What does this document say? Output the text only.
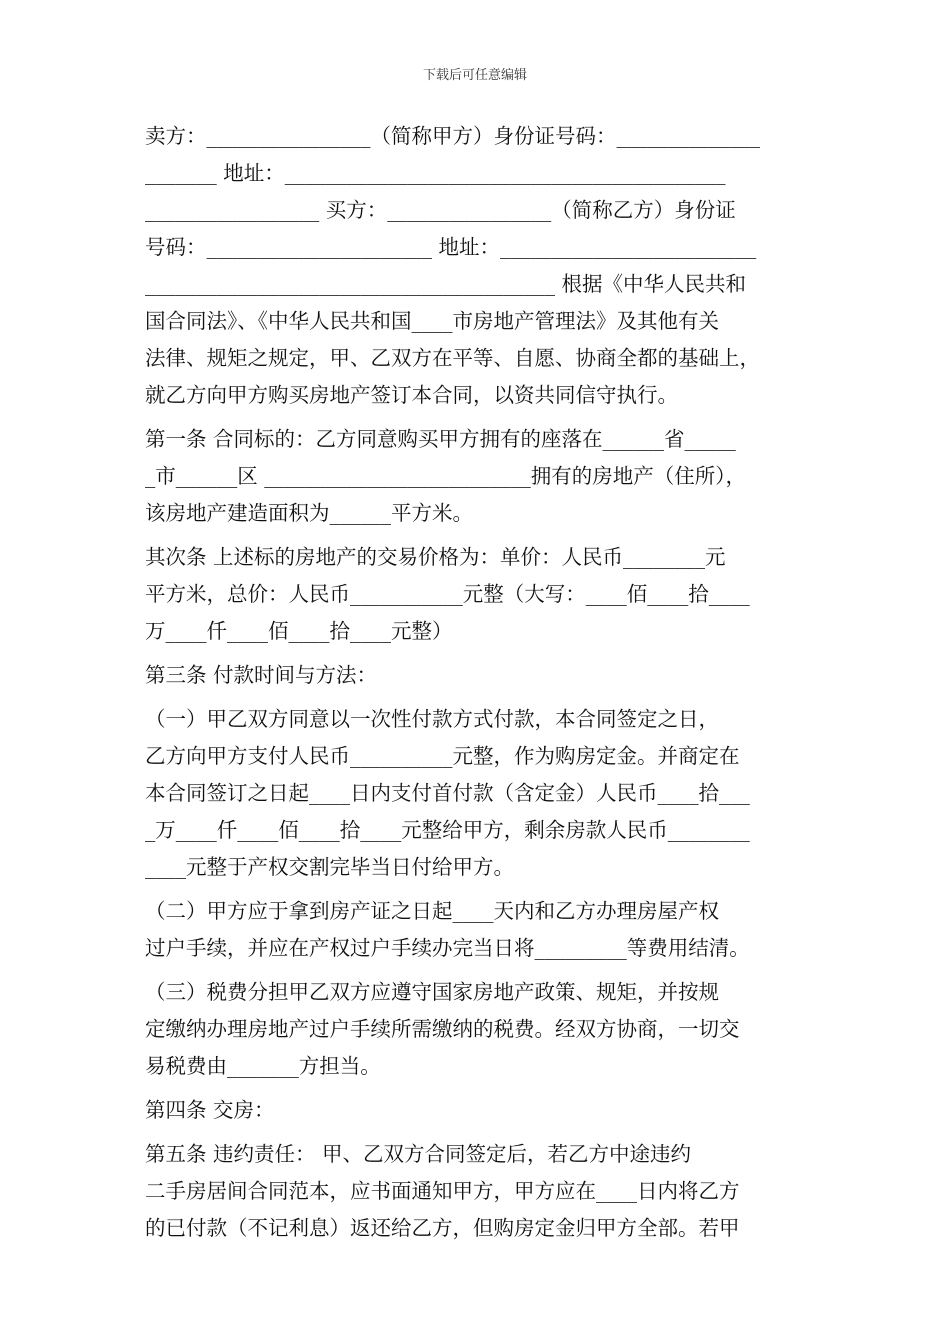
下载后可任意编辑
卖方：________________（简称甲方）身份证号码：______________
_______ 地址：___________________________________________
_________________ 买方：________________（简称乙方）身份证
号码：______________________ 地址：_________________________
________________________________________ 根据《中华人民共和
国合同法》、《中华人民共和国____市房地产管理法》及其他有关
法律、规矩之规定，甲、乙双方在平等、自愿、协商全都的基础上，
就乙方向甲方购买房地产签订本合同，以资共同信守执行。
第一条 合同标的：乙方同意购买甲方拥有的座落在______省_____
_市______区 __________________________拥有的房地产（住所），
该房地产建造面积为______平方米。
其次条 上述标的房地产的交易价格为：单价：人民币________元
平方米，总价：人民币___________元整（大写：____佰____拾____
万____仟____佰____拾____元整）
第三条 付款时间与方法：
（一）甲乙双方同意以一次性付款方式付款，本合同签定之日，
乙方向甲方支付人民币__________元整，作为购房定金。并商定在
本合同签订之日起____日内支付首付款（含定金）人民币____拾___
_万____仟____佰____拾____元整给甲方，剩余房款人民币________
____元整于产权交割完毕当日付给甲方。
（二）甲方应于拿到房产证之日起____天内和乙方办理房屋产权
过户手续，并应在产权过户手续办完当日将_________等费用结清。
（三）税费分担甲乙双方应遵守国家房地产政策、规矩，并按规
定缴纳办理房地产过户手续所需缴纳的税费。经双方协商，一切交
易税费由_______方担当。
第四条 交房：
第五条 违约责任： 甲、乙双方合同签定后，若乙方中途违约
二手房居间合同范本，应书面通知甲方，甲方应在____日内将乙方
的已付款（不记利息）返还给乙方，但购房定金归甲方全部。若甲
